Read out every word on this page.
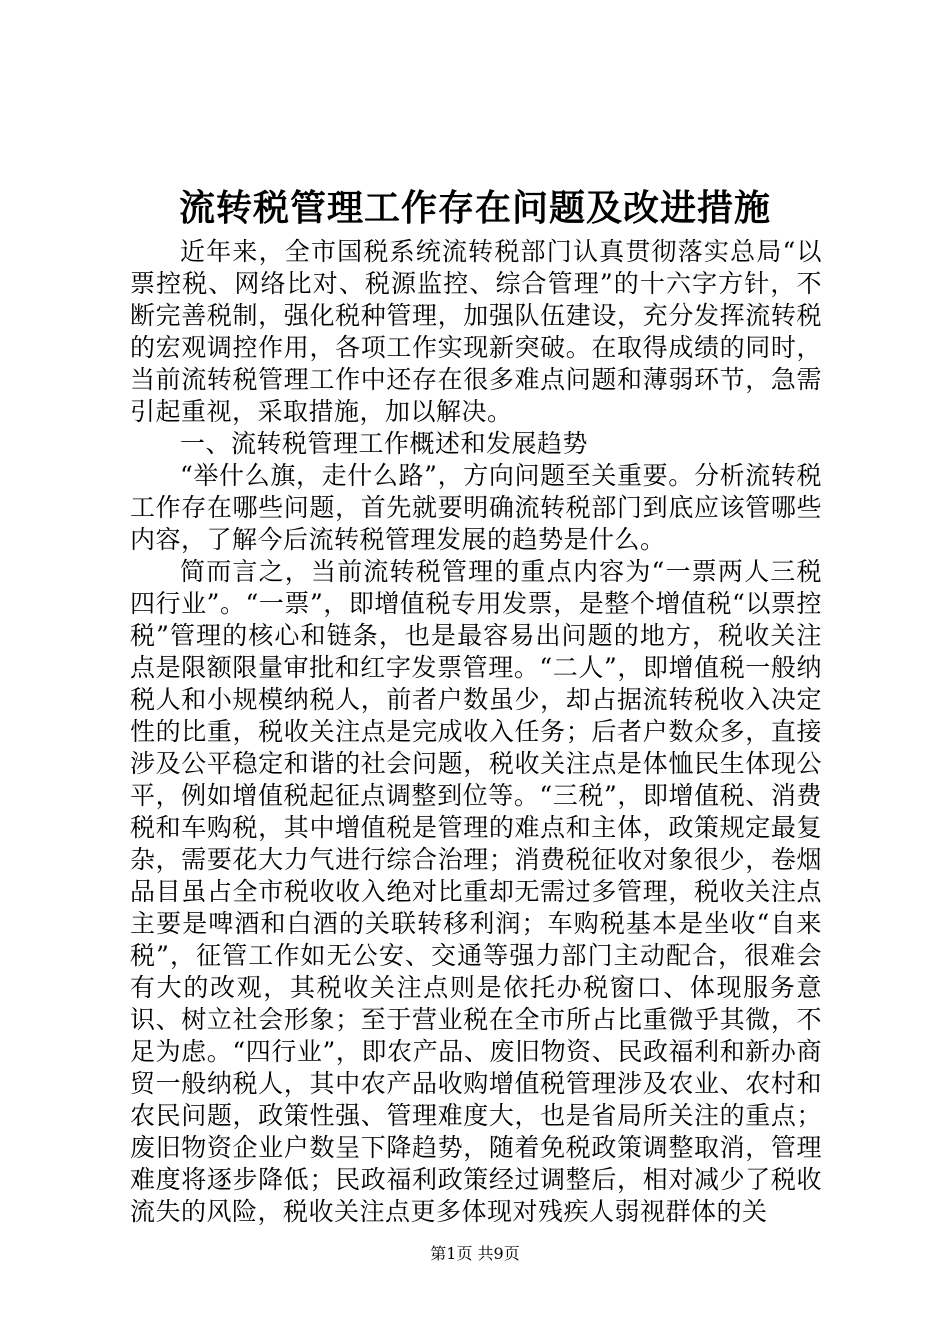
流转税管理工作存在问题及改进措施

近年来，全市国税系统流转税部门认真贯彻落实总局“以票控税、网络比对、税源监控、综合管理”的十六字方针，不断完善税制，强化税种管理，加强队伍建设，充分发挥流转税的宏观调控作用，各项工作实现新突破。在取得成绩的同时，当前流转税管理工作中还存在很多难点问题和薄弱环节，急需引起重视，采取措施，加以解决。

一、流转税管理工作概述和发展趋势

“举什么旗，走什么路”，方向问题至关重要。分析流转税工作存在哪些问题，首先就要明确流转税部门到底应该管哪些内容，了解今后流转税管理发展的趋势是什么。

简而言之，当前流转税管理的重点内容为“一票两人三税四行业”。“一票”，即增值税专用发票，是整个增值税“以票控税”管理的核心和链条，也是最容易出问题的地方，税收关注点是限额限量审批和红字发票管理。“二人”，即增值税一般纳税人和小规模纳税人，前者户数虽少，却占据流转税收入决定性的比重，税收关注点是完成收入任务；后者户数众多，直接涉及公平稳定和谐的社会问题，税收关注点是体恤民生体现公平，例如增值税起征点调整到位等。“三税”，即增值税、消费税和车购税，其中增值税是管理的难点和主体，政策规定最复杂，需要花大力气进行综合治理；消费税征收对象很少，卷烟品目虽占全市税收收入绝对比重却无需过多管理，税收关注点主要是啤酒和白酒的关联转移利润；车购税基本是坐收“自来税”，征管工作如无公安、交通等强力部门主动配合，很难会有大的改观，其税收关注点则是依托办税窗口、体现服务意识、树立社会形象；至于营业税在全市所占比重微乎其微，不足为虑。“四行业”，即农产品、废旧物资、民政福利和新办商贸一般纳税人，其中农产品收购增值税管理涉及农业、农村和农民问题，政策性强、管理难度大，也是省局所关注的重点；废旧物资企业户数呈下降趋势，随着免税政策调整取消，管理难度将逐步降低；民政福利政策经过调整后，相对减少了税收流失的风险，税收关注点更多体现对残疾人弱视群体的关

第1页 共9页
